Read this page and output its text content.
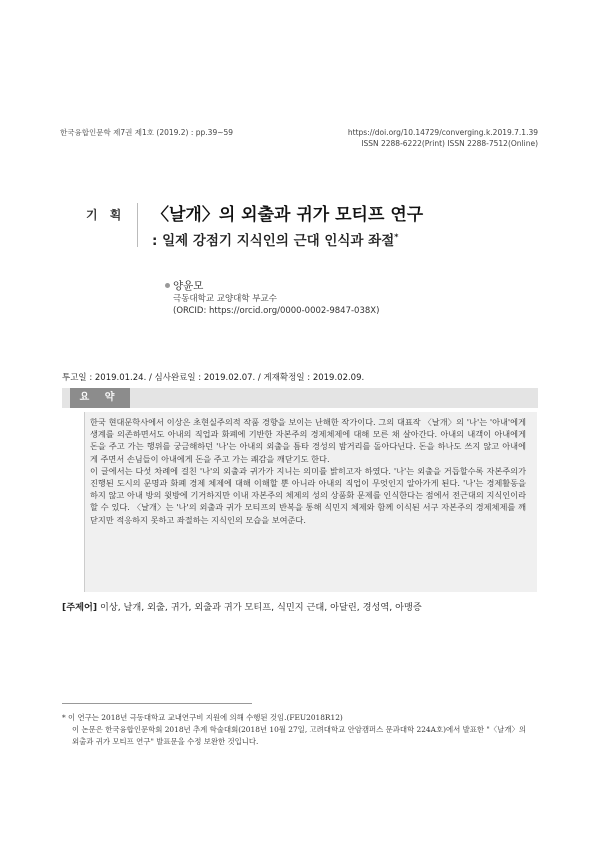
한국융합인문학 제7권 제1호 (2019.2) : pp.39~59	https://doi.org/10.14729/converging.k.2019.7.1.39
ISSN 2288-6222(Print) ISSN 2288-7512(Online)
기 획 〈날개〉의 외출과 귀가 모티프 연구
: 일제 강점기 지식인의 근대 인식과 좌절*
양윤모
극동대학교 교양대학 부교수
(ORCID: https://orcid.org/0000-0002-9847-038X)
투고일 : 2019.01.24. / 심사완료일 : 2019.02.07. / 게재확정일 : 2019.02.09.
요 약

한국 현대문학사에서 이상은 초현실주의적 작품 경향을 보이는 난해한 작가이다. 그의 대표작 〈날개〉의 '나'는 '아내'에게 생계를 의존하면서도 아내의 직업과 화폐에 기반한 자본주의 경제체제에 대해 모른 채 살아간다. 아내의 내객이 아내에게 돈을 주고 가는 행위를 궁금해하던 '나'는 아내의 외출을 틈타 경성의 밤거리를 돌아다닌다. 돈을 하나도 쓰지 않고 아내에게 주면서 손님들이 아내에게 돈을 주고 가는 쾌감을 깨닫기도 한다.

이 글에서는 다섯 차례에 걸친 '나'의 외출과 귀가가 지니는 의미를 밝히고자 하였다. '나'는 외출을 거듭할수록 자본주의가 진행된 도시의 문명과 화폐 경제 체제에 대해 이해할 뿐 아니라 아내의 직업이 무엇인지 알아가게 된다. '나'는 경제활동을 하지 않고 아내 방의 윗방에 기거하지만 이내 자본주의 체제의 성의 상품화 문제를 인식한다는 점에서 전근대의 지식인이라 할 수 있다. 〈날개〉는 '나'의 외출과 귀가 모티프의 반복을 통해 식민지 체제와 함께 이식된 서구 자본주의 경제체제를 깨닫지만 적응하지 못하고 좌절하는 지식인의 모습을 보여준다.

[주제어] 이상, 날개, 외출, 귀가, 외출과 귀가 모티프, 식민지 근대, 아달린, 경성역, 아맹증

* 이 연구는 2018년 극동대학교 교내연구비 지원에 의해 수행된 것임.(FEU2018R12)

이 논문은 한국융합인문학회 2018년 추계 학술대회(2018년 10월 27일, 고려대학교 안암캠퍼스 문과대학 224A호)에서 발표한 "〈날개〉의 외출과 귀가 모티프 연구" 발표문을 수정 보완한 것입니다.
